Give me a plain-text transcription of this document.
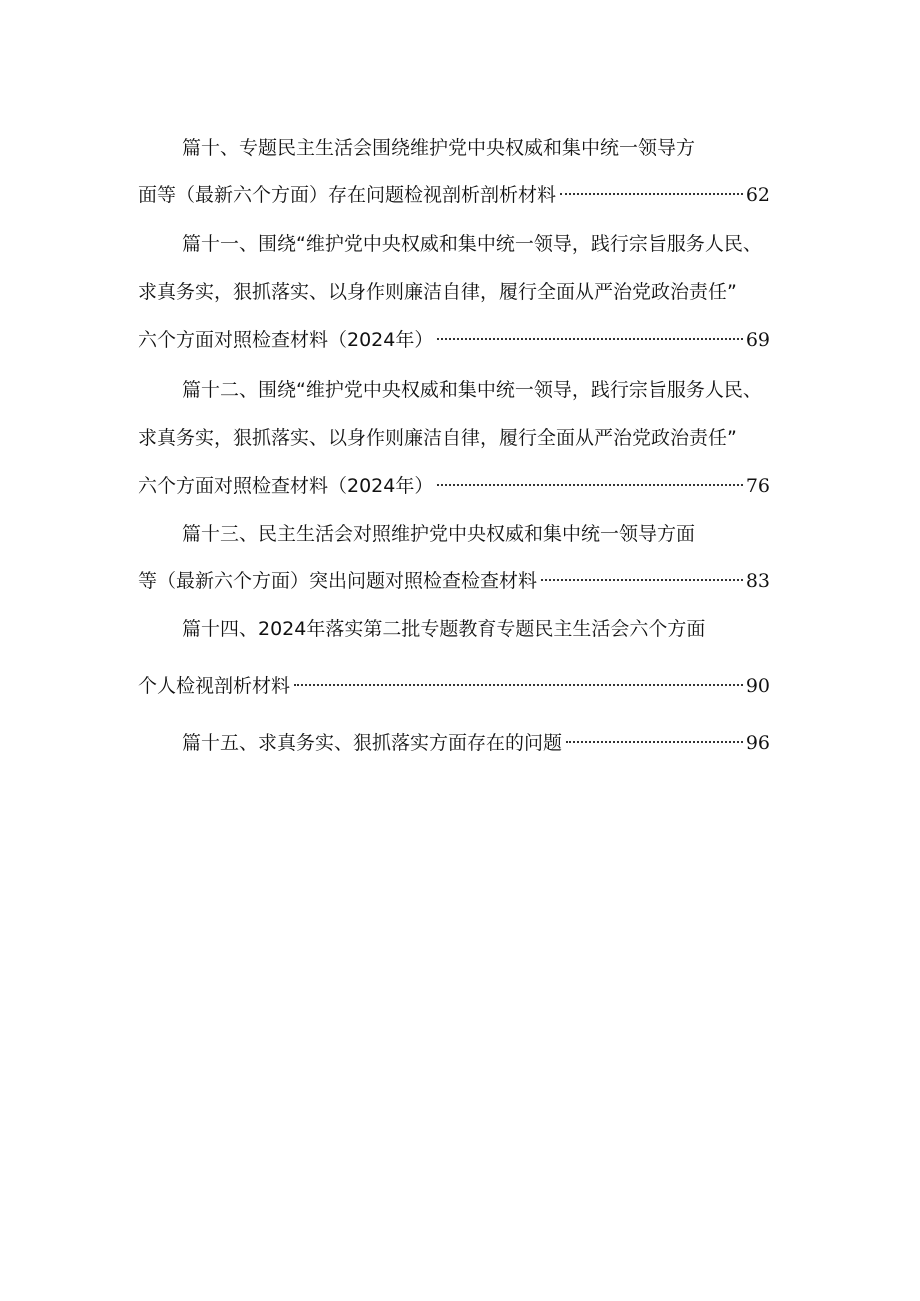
篇十、专题民主生活会围绕维护党中央权威和集中统一领导方
面等（最新六个方面）存在问题检视剖析剖析材料	62
篇十一、围绕“维护党中央权威和集中统一领导，践行宗旨服务人民、
求真务实，狠抓落实、以身作则廉洁自律，履行全面从严治党政治责任”
六个方面对照检查材料（2024年）	69
篇十二、围绕“维护党中央权威和集中统一领导，践行宗旨服务人民、
求真务实，狠抓落实、以身作则廉洁自律，履行全面从严治党政治责任”
六个方面对照检查材料（2024年）	76
篇十三、民主生活会对照维护党中央权威和集中统一领导方面
等（最新六个方面）突出问题对照检查检查材料	83
篇十四、2024年落实第二批专题教育专题民主生活会六个方面
个人检视剖析材料	90
篇十五、求真务实、狠抓落实方面存在的问题	96
